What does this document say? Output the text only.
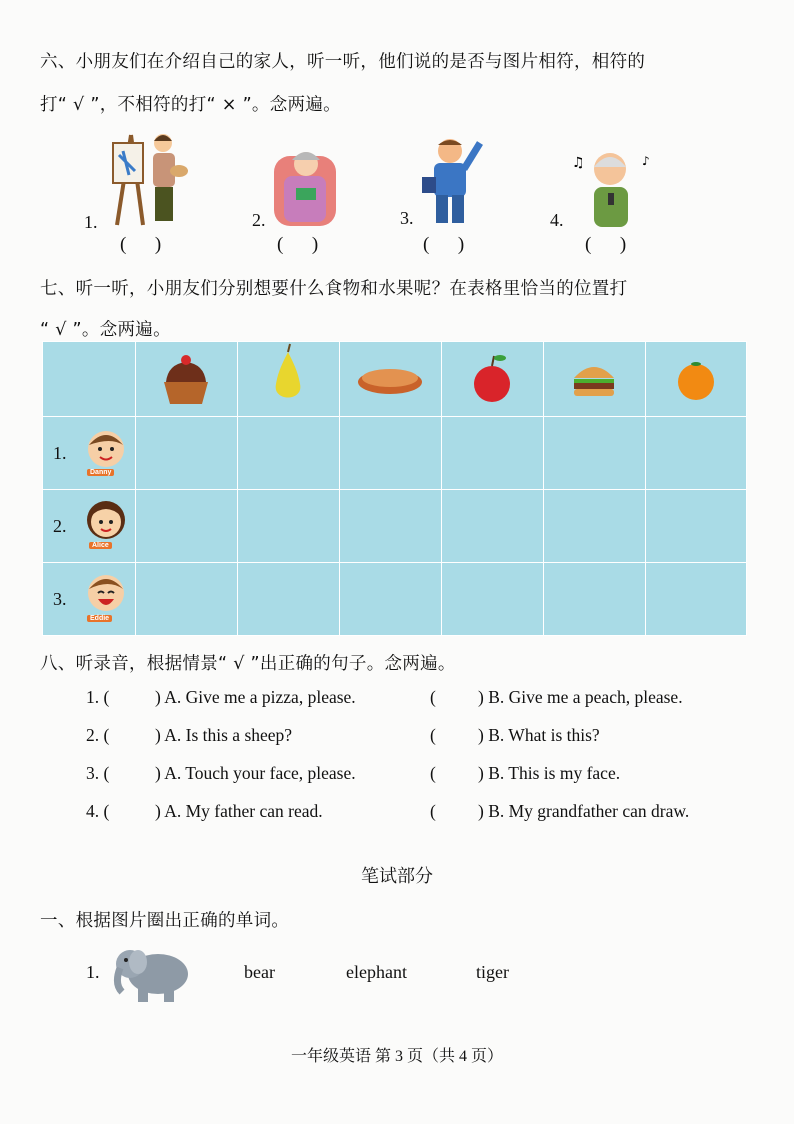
六、小朋友们在介绍自己的家人，听一听，他们说的是否与图片相符，相符的
打“ √ ”，不相符的打“ × ”。念两遍。
1.
(      )
2.
(      )
3.
(      )
♫	♪
4.
(      )
七、听一听，小朋友们分别想要什么食物和水果呢？在表格里恰当的位置打
“ √ ”。念两遍。

1.
Danny						

2.
Alice						

3.
Eddie						

八、听录音，根据情景“ √ ”出正确的句子。念两遍。
1. (	) A. Give me a pizza, please.	( ) B. Give me a peach, please.
2. (	) A. Is this a sheep?	( ) B. What is this?
3. (	) A. Touch your face, please.	( ) B. This is my face.
4. (	) A. My father can read.	( ) B. My grandfather can draw.
笔试部分
一、根据图片圈出正确的单词。
1.	bear	elephant	tiger
一年级英语 第 3 页（共 4 页）
